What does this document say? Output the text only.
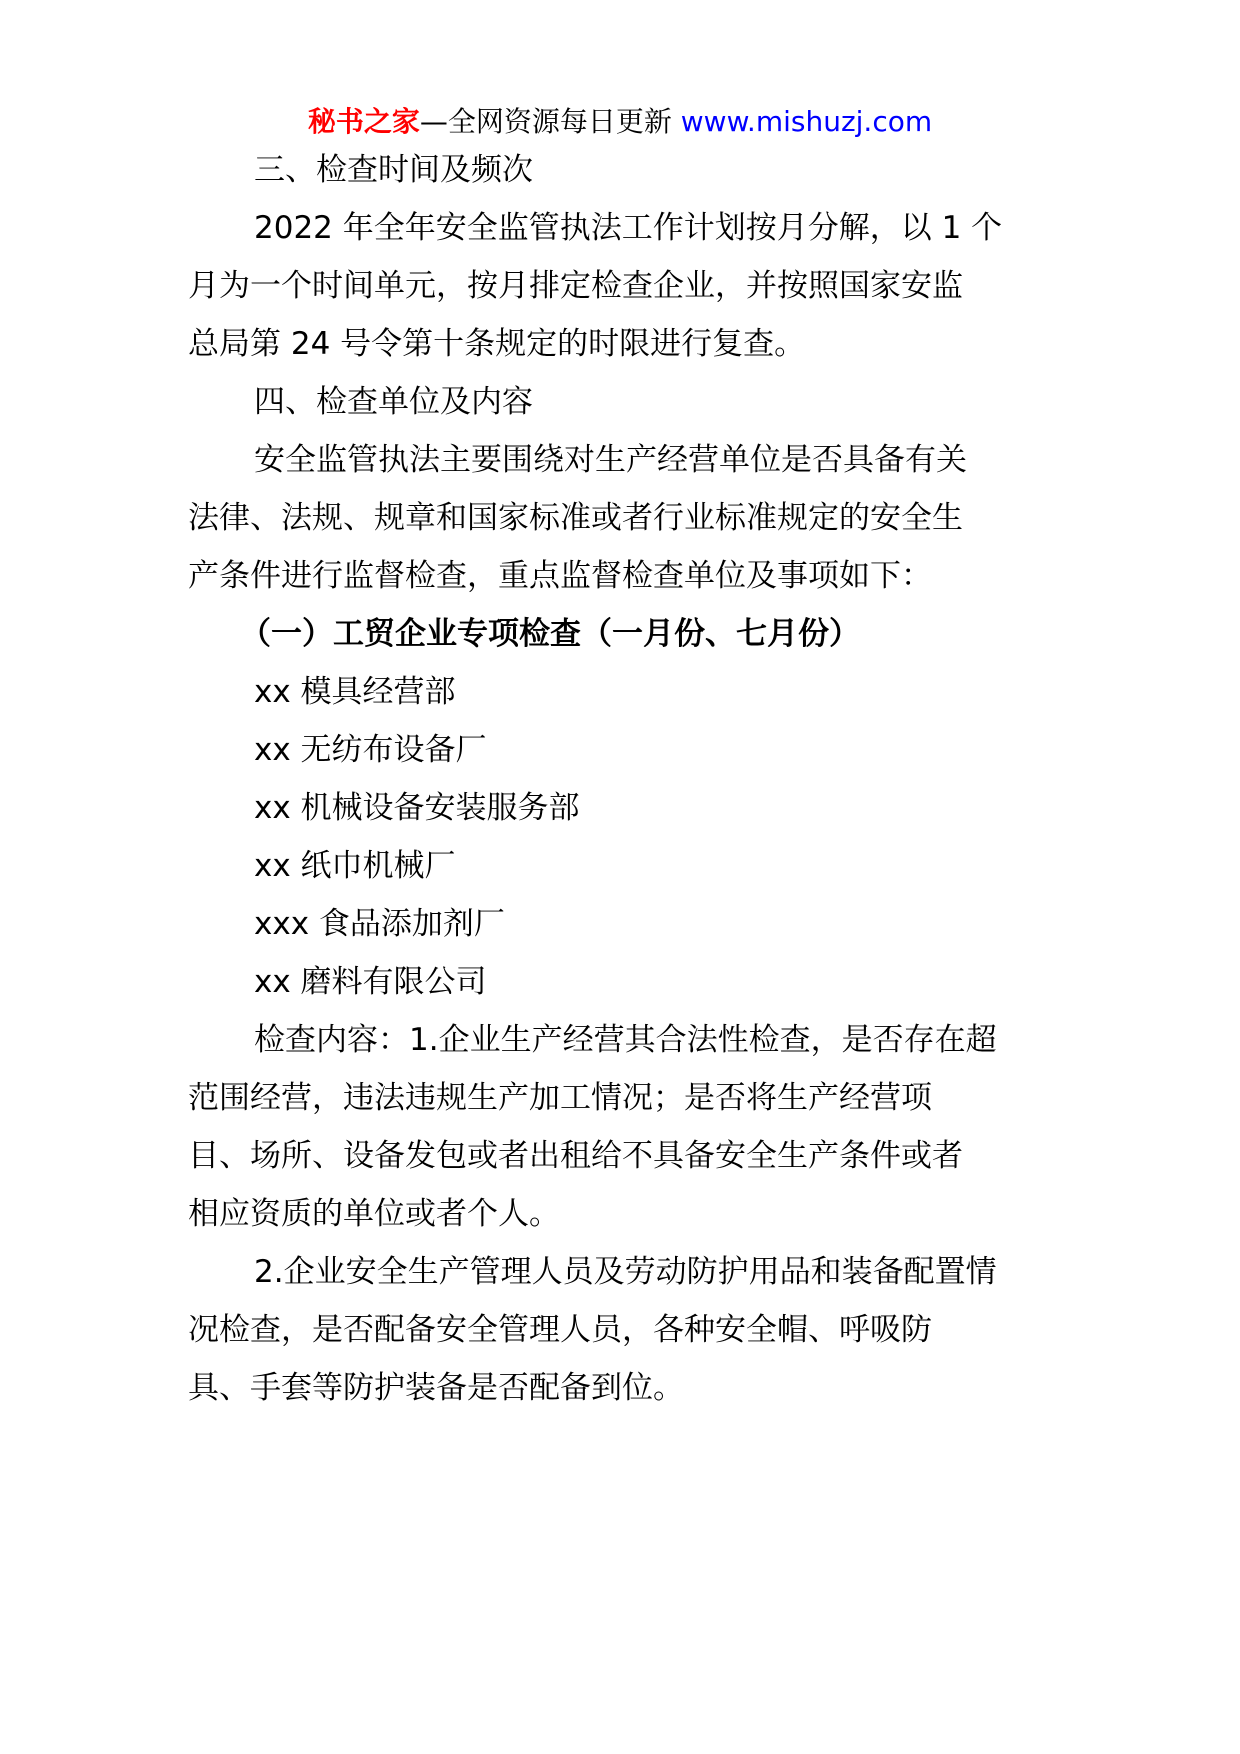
秘书之家—全网资源每日更新 www.mishuzj.com
三、检查时间及频次
2022 年全年安全监管执法工作计划按月分解，以 1 个
月为一个时间单元，按月排定检查企业，并按照国家安监
总局第 24 号令第十条规定的时限进行复查。
四、检查单位及内容
安全监管执法主要围绕对生产经营单位是否具备有关
法律、法规、规章和国家标准或者行业标准规定的安全生
产条件进行监督检查，重点监督检查单位及事项如下：
（一）工贸企业专项检查（一月份、七月份）
xx 模具经营部
xx 无纺布设备厂
xx 机械设备安装服务部
xx 纸巾机械厂
xxx 食品添加剂厂
xx 磨料有限公司
检查内容：1.企业生产经营其合法性检查，是否存在超
范围经营，违法违规生产加工情况；是否将生产经营项
目、场所、设备发包或者出租给不具备安全生产条件或者
相应资质的单位或者个人。
2.企业安全生产管理人员及劳动防护用品和装备配置情
况检查，是否配备安全管理人员，各种安全帽、呼吸防
具、手套等防护装备是否配备到位。
